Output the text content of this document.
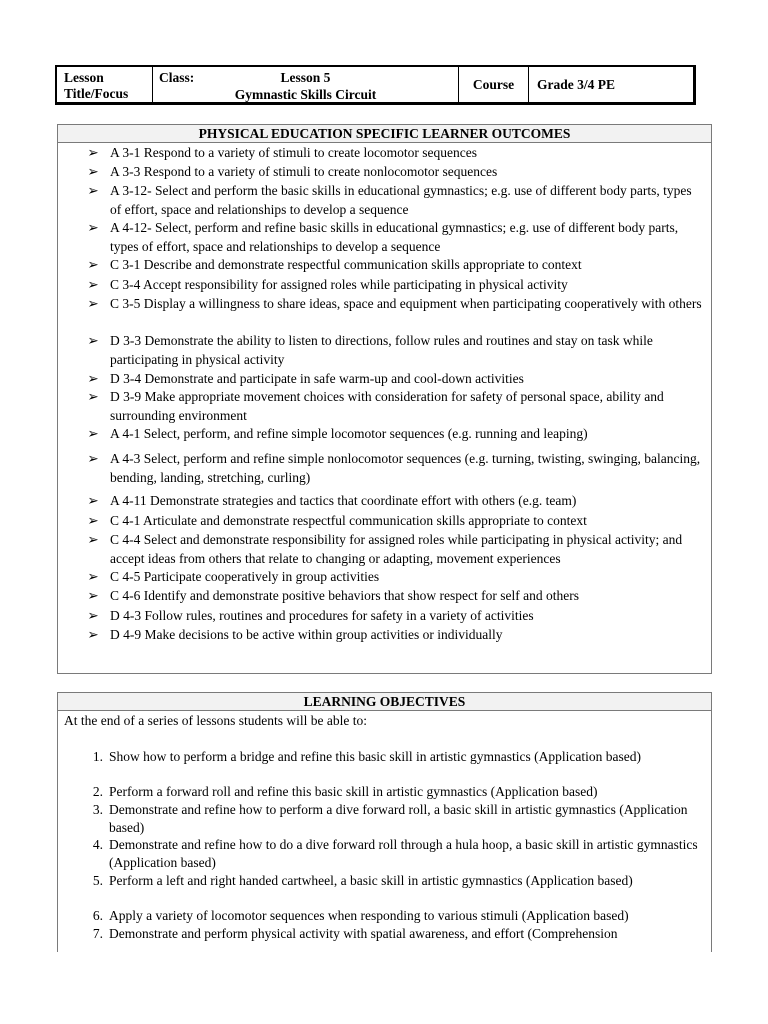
Lesson Title/Focus
Class:	Lesson 5
Gymnastic Skills Circuit
Course	Grade 3/4 PE
PHYSICAL EDUCATION SPECIFIC LEARNER OUTCOMES
➢ A 3-1 Respond to a variety of stimuli to create locomotor sequences
➢ A 3-3 Respond to a variety of stimuli to create nonlocomotor sequences
➢ A 3-12- Select and perform the basic skills in educational gymnastics; e.g. use of different body parts, types of effort, space and relationships to develop a sequence
➢ A 4-12- Select, perform and refine basic skills in educational gymnastics; e.g. use of different body parts, types of effort, space and relationships to develop a sequence
➢ C 3-1 Describe and demonstrate respectful communication skills appropriate to context
➢ C 3-4 Accept responsibility for assigned roles while participating in physical activity
➢ C 3-5 Display a willingness to share ideas, space and equipment when participating cooperatively with others
➢ D 3-3 Demonstrate the ability to listen to directions, follow rules and routines and stay on task while participating in physical activity
➢ D 3-4 Demonstrate and participate in safe warm-up and cool-down activities
➢ D 3-9 Make appropriate movement choices with consideration for safety of personal space, ability and surrounding environment
➢ A 4-1 Select, perform, and refine simple locomotor sequences (e.g. running and leaping)
➢ A 4-3 Select, perform and refine simple nonlocomotor sequences (e.g. turning, twisting, swinging, balancing, bending, landing, stretching, curling)
➢ A 4-11 Demonstrate strategies and tactics that coordinate effort with others (e.g. team)
➢ C 4-1 Articulate and demonstrate respectful communication skills appropriate to context
➢ C 4-4 Select and demonstrate responsibility for assigned roles while participating in physical activity; and accept ideas from others that relate to changing or adapting, movement experiences
➢ C 4-5 Participate cooperatively in group activities
➢ C 4-6 Identify and demonstrate positive behaviors that show respect for self and others
➢ D 4-3 Follow rules, routines and procedures for safety in a variety of activities
➢ D 4-9 Make decisions to be active within group activities or individually
LEARNING OBJECTIVES
At the end of a series of lessons students will be able to:
1. Show how to perform a bridge and refine this basic skill in artistic gymnastics (Application based)
2. Perform a forward roll and refine this basic skill in artistic gymnastics (Application based)
3. Demonstrate and refine how to perform a dive forward roll, a basic skill in artistic gymnastics (Application based)
4. Demonstrate and refine how to do a dive forward roll through a hula hoop, a basic skill in artistic gymnastics (Application based)
5. Perform a left and right handed cartwheel, a basic skill in artistic gymnastics (Application based)
6. Apply a variety of locomotor sequences when responding to various stimuli (Application based)
7. Demonstrate and perform physical activity with spatial awareness, and effort (Comprehension
